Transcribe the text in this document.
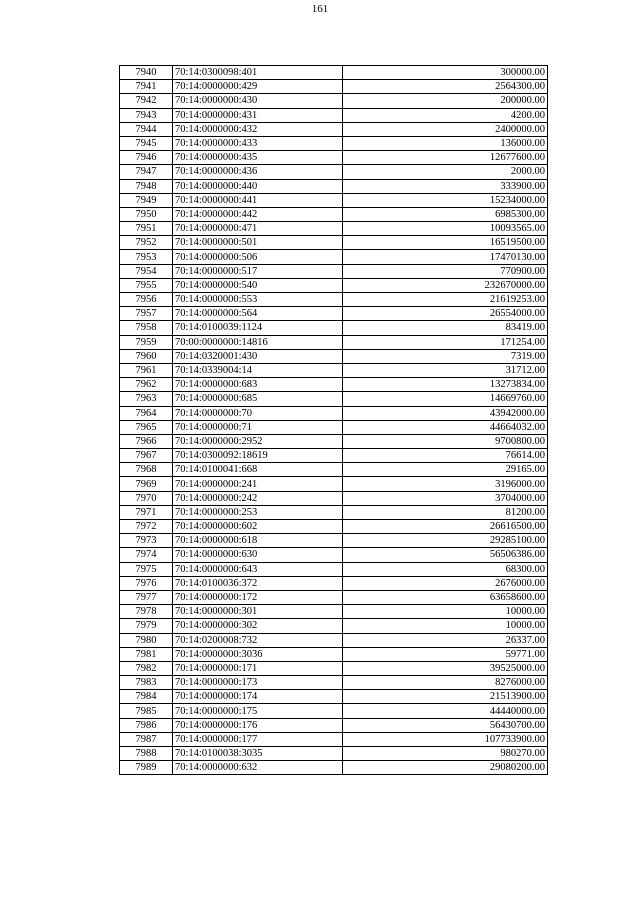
161
7940	70:14:0300098:401	300000.00
7941	70:14:0000000:429	2564300.00
7942	70:14:0000000:430	200000.00
7943	70:14:0000000:431	4200.00
7944	70:14:0000000:432	2400000.00
7945	70:14:0000000:433	136000.00
7946	70:14:0000000:435	12677600.00
7947	70:14:0000000:436	2000.00
7948	70:14:0000000:440	333900.00
7949	70:14:0000000:441	15234000.00
7950	70:14:0000000:442	6985300.00
7951	70:14:0000000:471	10093565.00
7952	70:14:0000000:501	16519500.00
7953	70:14:0000000:506	17470130.00
7954	70:14:0000000:517	770900.00
7955	70:14:0000000:540	232670000.00
7956	70:14:0000000:553	21619253.00
7957	70:14:0000000:564	26554000.00
7958	70:14:0100039:1124	83419.00
7959	70:00:0000000:14816	171254.00
7960	70:14:0320001:430	7319.00
7961	70:14:0339004:14	31712.00
7962	70:14:0000000:683	13273834.00
7963	70:14:0000000:685	14669760.00
7964	70:14:0000000:70	43942000.00
7965	70:14:0000000:71	44664032.00
7966	70:14:0000000:2952	9700800.00
7967	70:14:0300092:18619	76614.00
7968	70:14:0100041:668	29165.00
7969	70:14:0000000:241	3196000.00
7970	70:14:0000000:242	3704000.00
7971	70:14:0000000:253	81200.00
7972	70:14:0000000:602	26616500.00
7973	70:14:0000000:618	29285100.00
7974	70:14:0000000:630	56506386.00
7975	70:14:0000000:643	68300.00
7976	70:14:0100036:372	2676000.00
7977	70:14:0000000:172	63658600.00
7978	70:14:0000000:301	10000.00
7979	70:14:0000000:302	10000.00
7980	70:14:0200008:732	26337.00
7981	70:14:0000000:3036	59771.00
7982	70:14:0000000:171	39525000.00
7983	70:14:0000000:173	8276000.00
7984	70:14:0000000:174	21513900.00
7985	70:14:0000000:175	44440000.00
7986	70:14:0000000:176	56430700.00
7987	70:14:0000000:177	107733900.00
7988	70:14:0100038:3035	980270.00
7989	70:14:0000000:632	29080200.00
